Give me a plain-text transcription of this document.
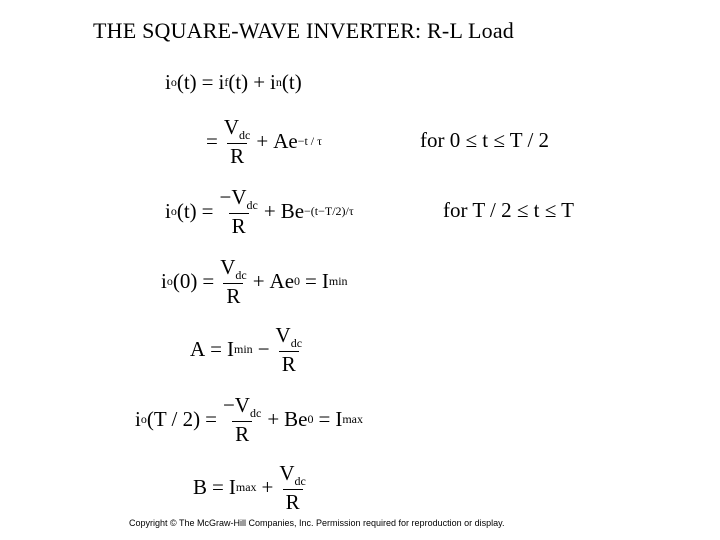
THE SQUARE-WAVE INVERTER: R-L Load
i o (t) = i f (t) + i n (t)
= $\frac{V_{dc}}{R} + Ae -t / \tau$	for 0 ≤ t ≤ T / 2
i o $(t) = \frac{-V_{dc}}{R} + Be -(t-T/2)/\tau$	for T / 2 ≤ t ≤ T
i o $(0) = \frac{V_{dc}}{R} + Ae$ 0 = I min
A = I $\min - \frac{V_{dc}}{R}$
i o $(T / 2) = \frac{-V_{dc}}{R} + Be$ 0 = I max
B = I $\max + \frac{V_{dc}}{R}$
Copyright © The McGraw-Hill Companies, Inc. Permission required for reproduction or display.
